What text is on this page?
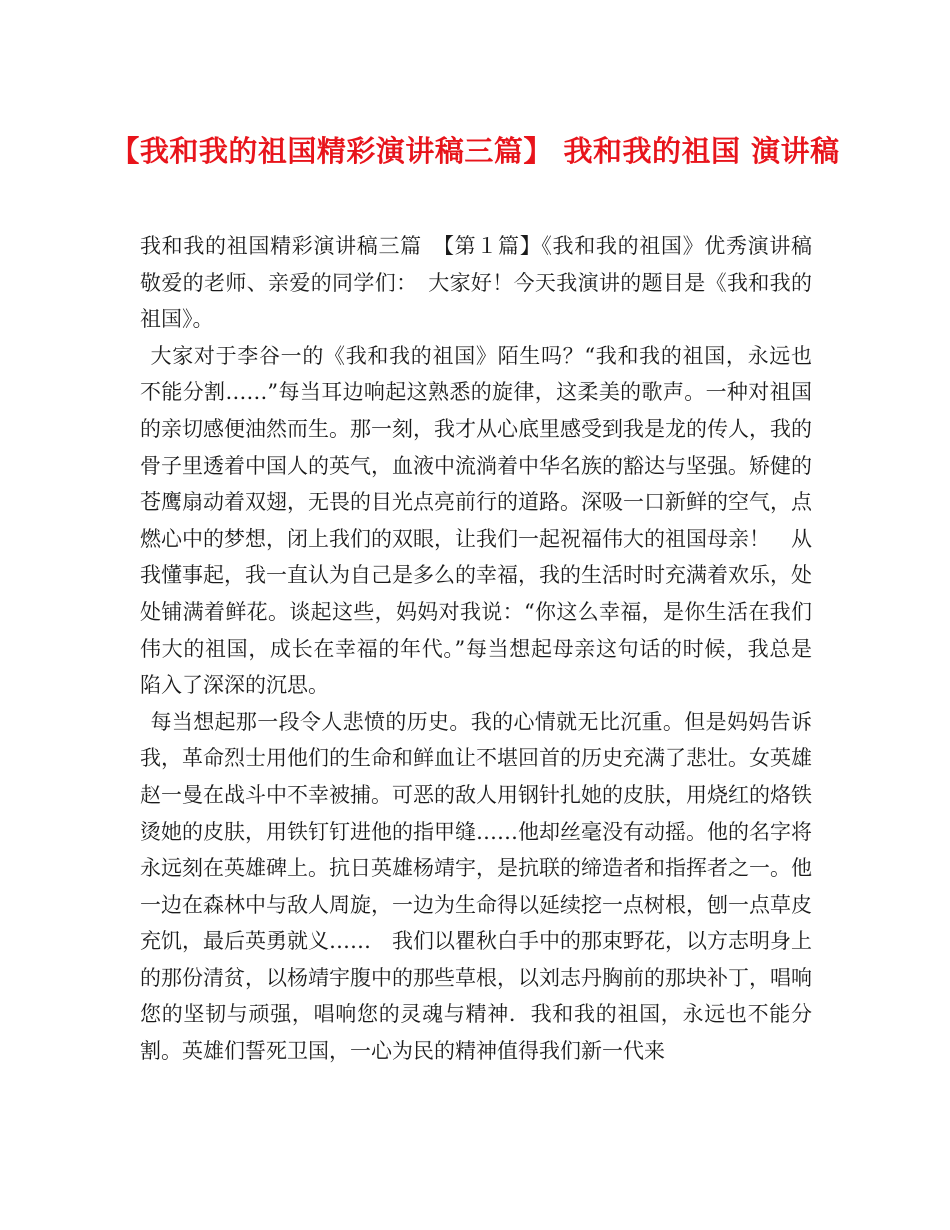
【我和我的祖国精彩演讲稿三篇】 我和我的祖国 演讲稿

我和我的祖国精彩演讲稿三篇　【第１篇】《我和我的祖国》优秀演讲稿　敬爱的老师、亲爱的同学们：　大家好！今天我演讲的题目是《我和我的祖国》。

大家对于李谷一的《我和我的祖国》陌生吗？“我和我的祖国，永远也不能分割……”每当耳边响起这熟悉的旋律，这柔美的歌声。一种对祖国的亲切感便油然而生。那一刻，我才从心底里感受到我是龙的传人，我的骨子里透着中国人的英气，血液中流淌着中华名族的豁达与坚强。矫健的苍鹰扇动着双翅，无畏的目光点亮前行的道路。深吸一口新鲜的空气，点燃心中的梦想，闭上我们的双眼，让我们一起祝福伟大的祖国母亲！　从我懂事起，我一直认为自己是多么的幸福，我的生活时时充满着欢乐，处处铺满着鲜花。谈起这些，妈妈对我说：“你这么幸福，是你生活在我们伟大的祖国，成长在幸福的年代。”每当想起母亲这句话的时候，我总是陷入了深深的沉思。

每当想起那一段令人悲愤的历史。我的心情就无比沉重。但是妈妈告诉我，革命烈士用他们的生命和鲜血让不堪回首的历史充满了悲壮。女英雄赵一曼在战斗中不幸被捕。可恶的敌人用钢针扎她的皮肤，用烧红的烙铁烫她的皮肤，用铁钉钉进他的指甲缝……他却丝毫没有动摇。他的名字将永远刻在英雄碑上。抗日英雄杨靖宇，是抗联的缔造者和指挥者之一。他一边在森林中与敌人周旋，一边为生命得以延续挖一点树根，刨一点草皮充饥，最后英勇就义……　我们以瞿秋白手中的那束野花，以方志明身上的那份清贫，以杨靖宇腹中的那些草根，以刘志丹胸前的那块补丁，唱响您的坚韧与顽强，唱响您的灵魂与精神．我和我的祖国，永远也不能分割。英雄们誓死卫国，一心为民的精神值得我们新一代来
